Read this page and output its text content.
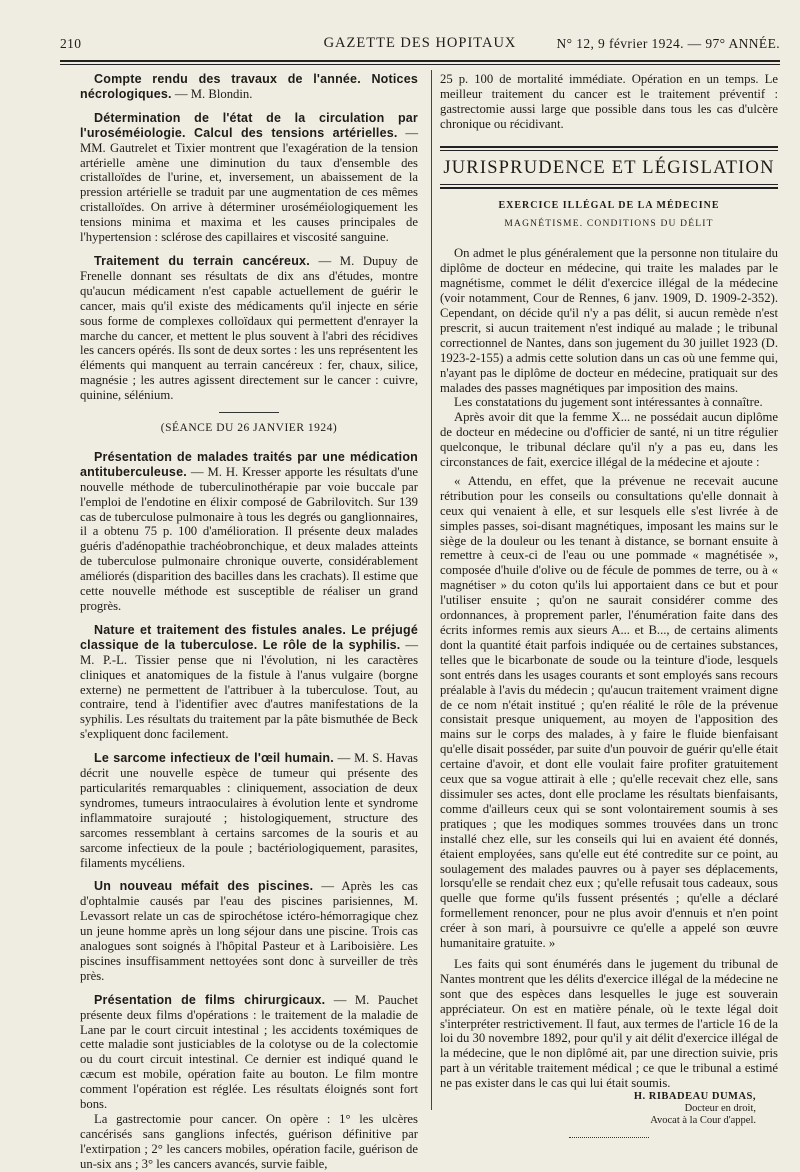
210	GAZETTE DES HOPITAUX	N° 12, 9 février 1924. — 97° ANNÉE.

Compte rendu des travaux de l'année. Notices nécrologiques. — M. Blondin.

Détermination de l'état de la circulation par l'uroséméiologie. Calcul des tensions artérielles. — MM. Gautrelet et Tixier montrent que l'exagération de la tension artérielle amène une diminution du taux d'ensemble des cristalloïdes de l'urine, et, inversement, un abaissement de la pression artérielle se traduit par une augmentation de ces mêmes cristalloïdes. On arrive à déterminer uroséméiologiquement les tensions minima et maxima et les causes principales de l'hypertension : sclérose des capillaires et viscosité sanguine.

Traitement du terrain cancéreux. — M. Dupuy de Frenelle donnant ses résultats de dix ans d'études, montre qu'aucun médicament n'est capable actuellement de guérir le cancer, mais qu'il existe des médicaments qu'il injecte en série sous forme de complexes colloïdaux qui permettent d'enrayer la marche du cancer, et mettent le plus souvent à l'abri des récidives les cancers opérés. Ils sont de deux sortes : les uns représentent les éléments qui manquent au terrain cancéreux : fer, chaux, silice, magnésie ; les autres agissent directement sur le cancer : cuivre, quinine, sélénium.

(SÉANCE DU 26 JANVIER 1924)

Présentation de malades traités par une médication antituberculeuse. — M. H. Kresser apporte les résultats d'une nouvelle méthode de tuberculinothérapie par voie buccale par l'emploi de l'endotine en élixir composé de Gabrilovitch. Sur 139 cas de tuberculose pulmonaire à tous les degrés ou ganglionnaires, il a obtenu 75 p. 100 d'amélioration. Il présente deux malades guéris d'adénopathie trachéobronchique, et deux malades atteints de tuberculose pulmonaire chronique ouverte, considérablement améliorés (disparition des bacilles dans les crachats). Il estime que cette nouvelle méthode est susceptible de réaliser un grand progrès.

Nature et traitement des fistules anales. Le préjugé classique de la tuberculose. Le rôle de la syphilis. — M. P.-L. Tissier pense que ni l'évolution, ni les caractères cliniques et anatomiques de la fistule à l'anus vulgaire (borgne externe) ne permettent de l'attribuer à la tuberculose. Tout, au contraire, tend à l'identifier avec d'autres manifestations de la syphilis. Les résultats du traitement par la pâte bismuthée de Beck s'expliquent donc facilement.

Le sarcome infectieux de l'œil humain. — M. S. Havas décrit une nouvelle espèce de tumeur qui présente des particularités remarquables : cliniquement, association de deux syndromes, tumeurs intraoculaires à évolution lente et syndrome inflammatoire surajouté ; histologiquement, structure des sarcomes ressemblant à certains sarcomes de la souris et au sarcome infectieux de la poule ; bactériologiquement, parasites, filaments mycéliens.

Un nouveau méfait des piscines. — Après les cas d'ophtalmie causés par l'eau des piscines parisiennes, M. Levassort relate un cas de spirochétose ictéro-hémorragique chez un jeune homme après un long séjour dans une piscine. Trois cas analogues sont soignés à l'hôpital Pasteur et à Lariboisière. Les piscines insuffisamment nettoyées sont donc à surveiller de très près.

Présentation de films chirurgicaux. — M. Pauchet présente deux films d'opérations : le traitement de la maladie de Lane par le court circuit intestinal ; les accidents toxémiques de cette maladie sont justiciables de la colotyse ou de la colectomie ou du court circuit intestinal. Ce dernier est indiqué quand le cæcum est mobile, opération faite au bouton. Le film montre comment l'opération est réglée. Les résultats éloignés sont fort bons.

La gastrectomie pour cancer. On opère : 1° les ulcères cancérisés sans ganglions infectés, guérison définitive par l'extirpation ; 2° les cancers mobiles, opération facile, guérison de un-six ans ; 3° les cancers avancés, survie faible,

25 p. 100 de mortalité immédiate. Opération en un temps. Le meilleur traitement du cancer est le traitement préventif : gastrectomie aussi large que possible dans tous les cas d'ulcère chronique ou récidivant.

JURISPRUDENCE ET LÉGISLATION
EXERCICE ILLÉGAL DE LA MÉDECINE
MAGNÉTISME. CONDITIONS DU DÉLIT

On admet le plus généralement que la personne non titulaire du diplôme de docteur en médecine, qui traite les malades par le magnétisme, commet le délit d'exercice illégal de la médecine (voir notamment, Cour de Rennes, 6 janv. 1909, D. 1909-2-352). Cependant, on décide qu'il n'y a pas délit, si aucun remède n'est prescrit, si aucun traitement n'est indiqué au malade ; le tribunal correctionnel de Nantes, dans son jugement du 30 juillet 1923 (D. 1923-2-155) a admis cette solution dans un cas où une femme qui, n'ayant pas le diplôme de docteur en médecine, pratiquait sur des malades des passes magnétiques par imposition des mains.

Les constatations du jugement sont intéressantes à connaître.

Après avoir dit que la femme X... ne possédait aucun diplôme de docteur en médecine ou d'officier de santé, ni un titre régulier quelconque, le tribunal déclare qu'il n'y a pas eu, dans les circonstances de fait, exercice illégal de la médecine et ajoute :

« Attendu, en effet, que la prévenue ne recevait aucune rétribution pour les conseils ou consultations qu'elle donnait à ceux qui venaient à elle, et sur lesquels elle s'est livrée à de simples passes, soi-disant magnétiques, imposant les mains sur le siège de la douleur ou les tenant à distance, se bornant ensuite à remettre à ceux-ci de l'eau ou une pommade « magnétisée », composée d'huile d'olive ou de fécule de pommes de terre, ou à « magnétiser » du coton qu'ils lui apportaient dans ce but et pour l'utiliser ensuite ; qu'on ne saurait considérer comme des ordonnances, à proprement parler, l'énumération faite dans des écrits informes remis aux sieurs A... et B..., de certains aliments dont la quantité était parfois indiquée ou de certaines substances, telles que le bicarbonate de soude ou la teinture d'iode, lesquels sont entrés dans les usages courants et sont employés sans recours préalable à l'avis du médecin ; qu'aucun traitement vraiment digne de ce nom n'était institué ; qu'en réalité le rôle de la prévenue consistait presque uniquement, au moyen de l'apposition des mains sur le corps des malades, à y faire le fluide bienfaisant qu'elle disait posséder, par suite d'un pouvoir de guérir qu'elle était certaine d'avoir, et dont elle voulait faire profiter gratuitement ceux que sa vogue attirait à elle ; qu'elle recevait chez elle, sans dissimuler ses actes, dont elle proclame les résultats bienfaisants, comme d'ailleurs ceux qui se sont volontairement soumis à ses pratiques ; que les modiques sommes trouvées dans un tronc installé chez elle, sur les conseils qui lui en avaient été donnés, étaient employées, sans qu'elle eut été contredite sur ce point, au soulagement des malades pauvres ou à payer ses déplacements, lorsqu'elle se rendait chez eux ; qu'elle refusait tous cadeaux, sous quelle que forme qu'ils fussent présentés ; qu'elle a déclaré formellement renoncer, pour ne plus avoir d'ennuis et n'en point créer à son mari, à poursuivre ce qu'elle a appelé son œuvre humanitaire gratuite. »

Les faits qui sont énumérés dans le jugement du tribunal de Nantes montrent que les délits d'exercice illégal de la médecine ne sont que des espèces dans lesquelles le juge est souverain appréciateur. On est en matière pénale, où le texte légal doit s'interpréter restrictivement. Il faut, aux termes de l'article 16 de la loi du 30 novembre 1892, pour qu'il y ait délit d'exercice illégal de la médecine, que le non diplômé ait, par une direction suivie, pris part à un véritable traitement médical ; ce que le tribunal a estimé ne pas exister dans le cas qui lui était soumis.

H. RIBADEAU DUMAS,
Docteur en droit,
Avocat à la Cour d'appel.
